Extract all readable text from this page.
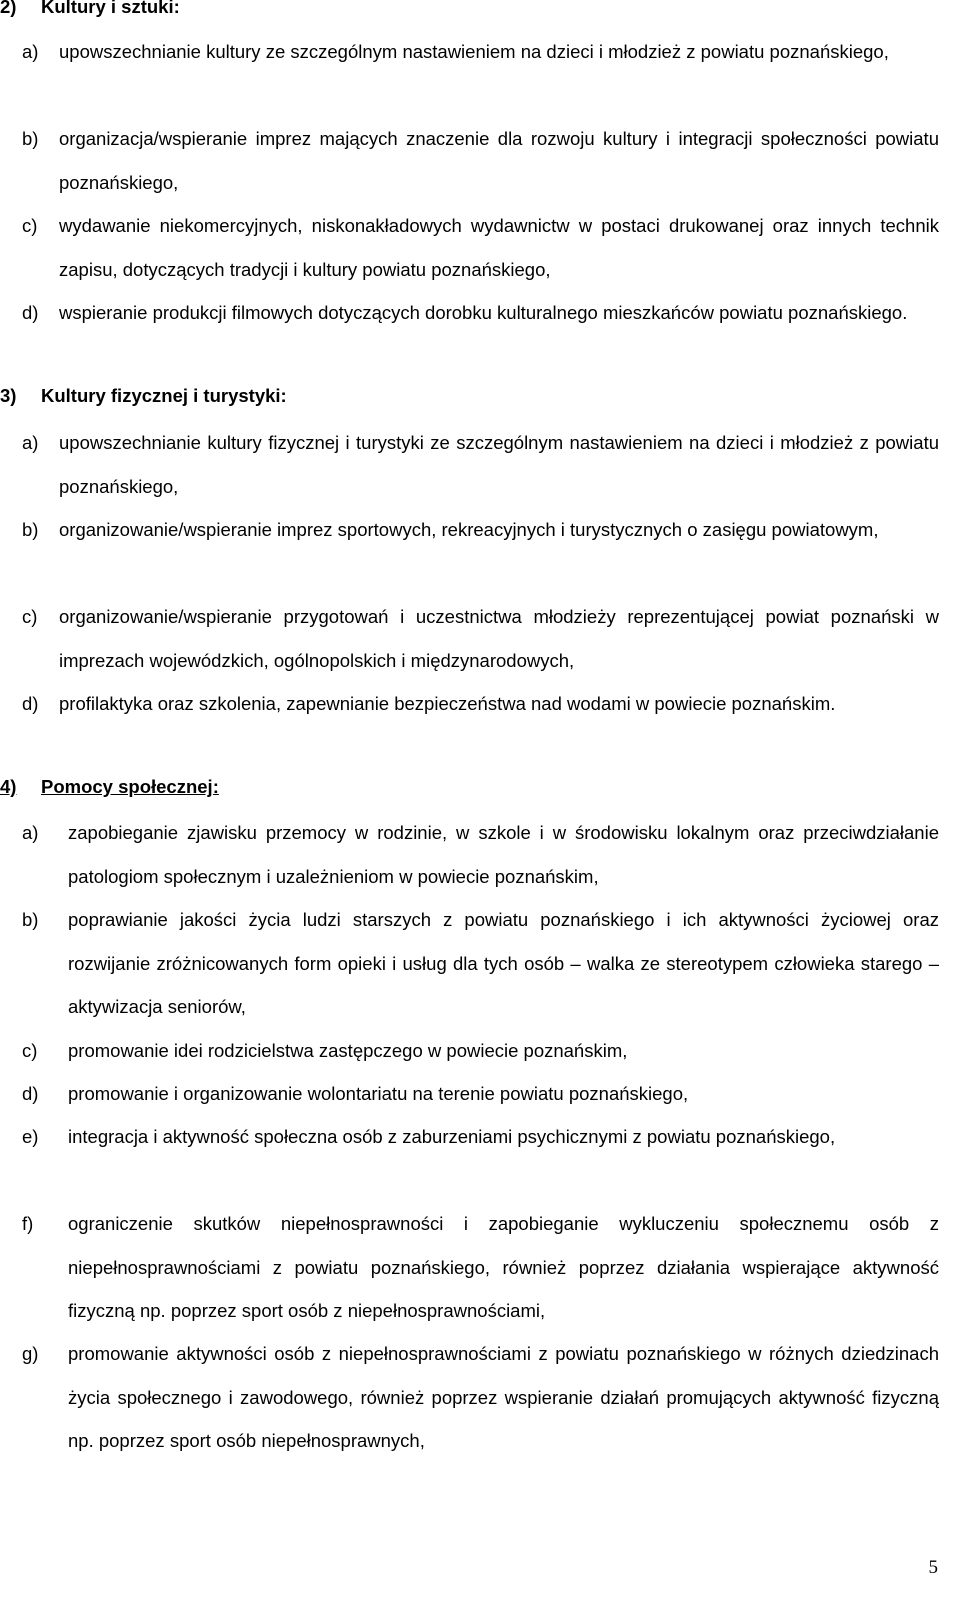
2) Kultury i sztuki:
a) upowszechnianie kultury ze szczególnym nastawieniem na dzieci i młodzież z powiatu poznańskiego,
b) organizacja/wspieranie imprez mających znaczenie dla rozwoju kultury i integracji społeczności powiatu poznańskiego,
c) wydawanie niekomercyjnych, niskonakładowych wydawnictw w postaci drukowanej oraz innych technik zapisu, dotyczących tradycji i kultury powiatu poznańskiego,
d) wspieranie produkcji filmowych dotyczących dorobku kulturalnego mieszkańców powiatu poznańskiego.
3) Kultury fizycznej i turystyki:
a) upowszechnianie kultury fizycznej i turystyki ze szczególnym nastawieniem na dzieci i młodzież z powiatu poznańskiego,
b) organizowanie/wspieranie imprez sportowych, rekreacyjnych i turystycznych o zasięgu powiatowym,
c) organizowanie/wspieranie przygotowań i uczestnictwa młodzieży reprezentującej powiat poznański w imprezach wojewódzkich, ogólnopolskich i międzynarodowych,
d) profilaktyka oraz szkolenia, zapewnianie bezpieczeństwa nad wodami w powiecie poznańskim.
4) Pomocy społecznej:
a) zapobieganie zjawisku przemocy w rodzinie, w szkole i w środowisku lokalnym oraz przeciwdziałanie patologiom społecznym i uzależnieniom w powiecie poznańskim,
b) poprawianie jakości życia ludzi starszych z powiatu poznańskiego i ich aktywności życiowej oraz rozwijanie zróżnicowanych form opieki i usług dla tych osób – walka ze stereotypem człowieka starego – aktywizacja seniorów,
c) promowanie idei rodzicielstwa zastępczego w powiecie poznańskim,
d) promowanie i organizowanie wolontariatu na terenie powiatu poznańskiego,
e) integracja i aktywność społeczna osób z zaburzeniami psychicznymi z powiatu poznańskiego,
f) ograniczenie skutków niepełnosprawności i zapobieganie wykluczeniu społecznemu osób z niepełnosprawnościami z powiatu poznańskiego, również poprzez działania wspierające aktywność fizyczną np. poprzez sport osób z niepełnosprawnościami,
g) promowanie aktywności osób z niepełnosprawnościami z powiatu poznańskiego w różnych dziedzinach życia społecznego i zawodowego, również poprzez wspieranie działań promujących aktywność fizyczną np. poprzez sport osób niepełnosprawnych,
5
